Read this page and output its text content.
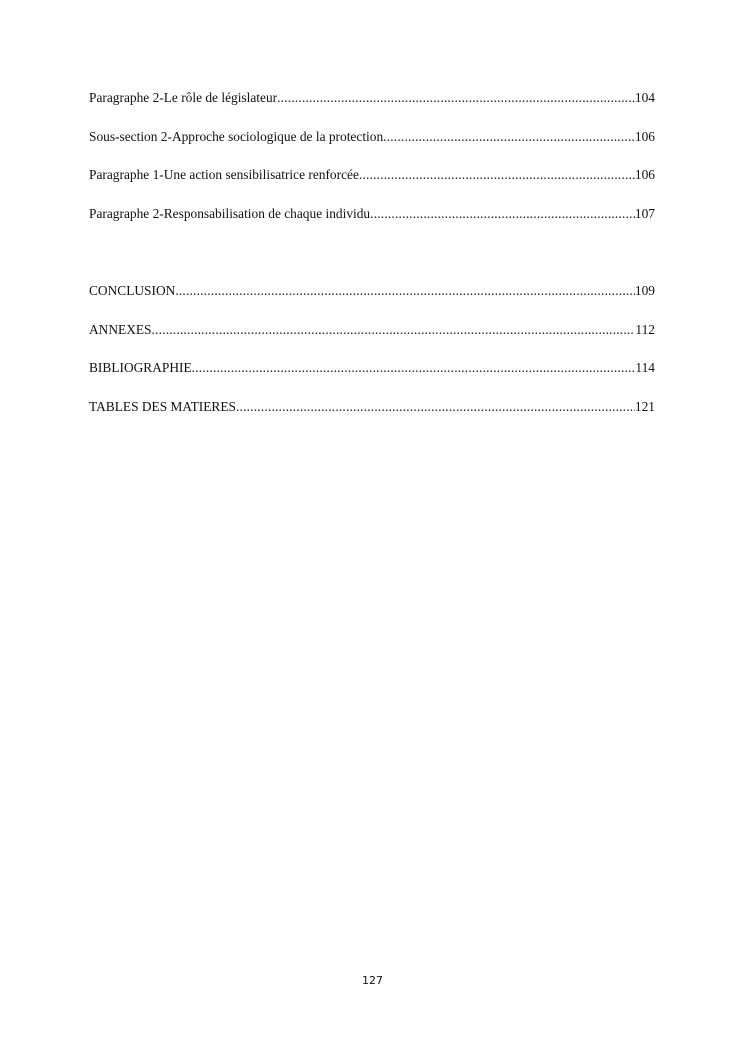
Paragraphe 2-Le rôle de législateur .....	104
Sous-section 2-Approche sociologique de la protection .....	106
Paragraphe 1-Une action sensibilisatrice renforcée .....	106
Paragraphe 2-Responsabilisation de chaque individu .....	107
CONCLUSION .....	109
ANNEXES .....	112
BIBLIOGRAPHIE .....	114
TABLES DES MATIERES .....	121
127
